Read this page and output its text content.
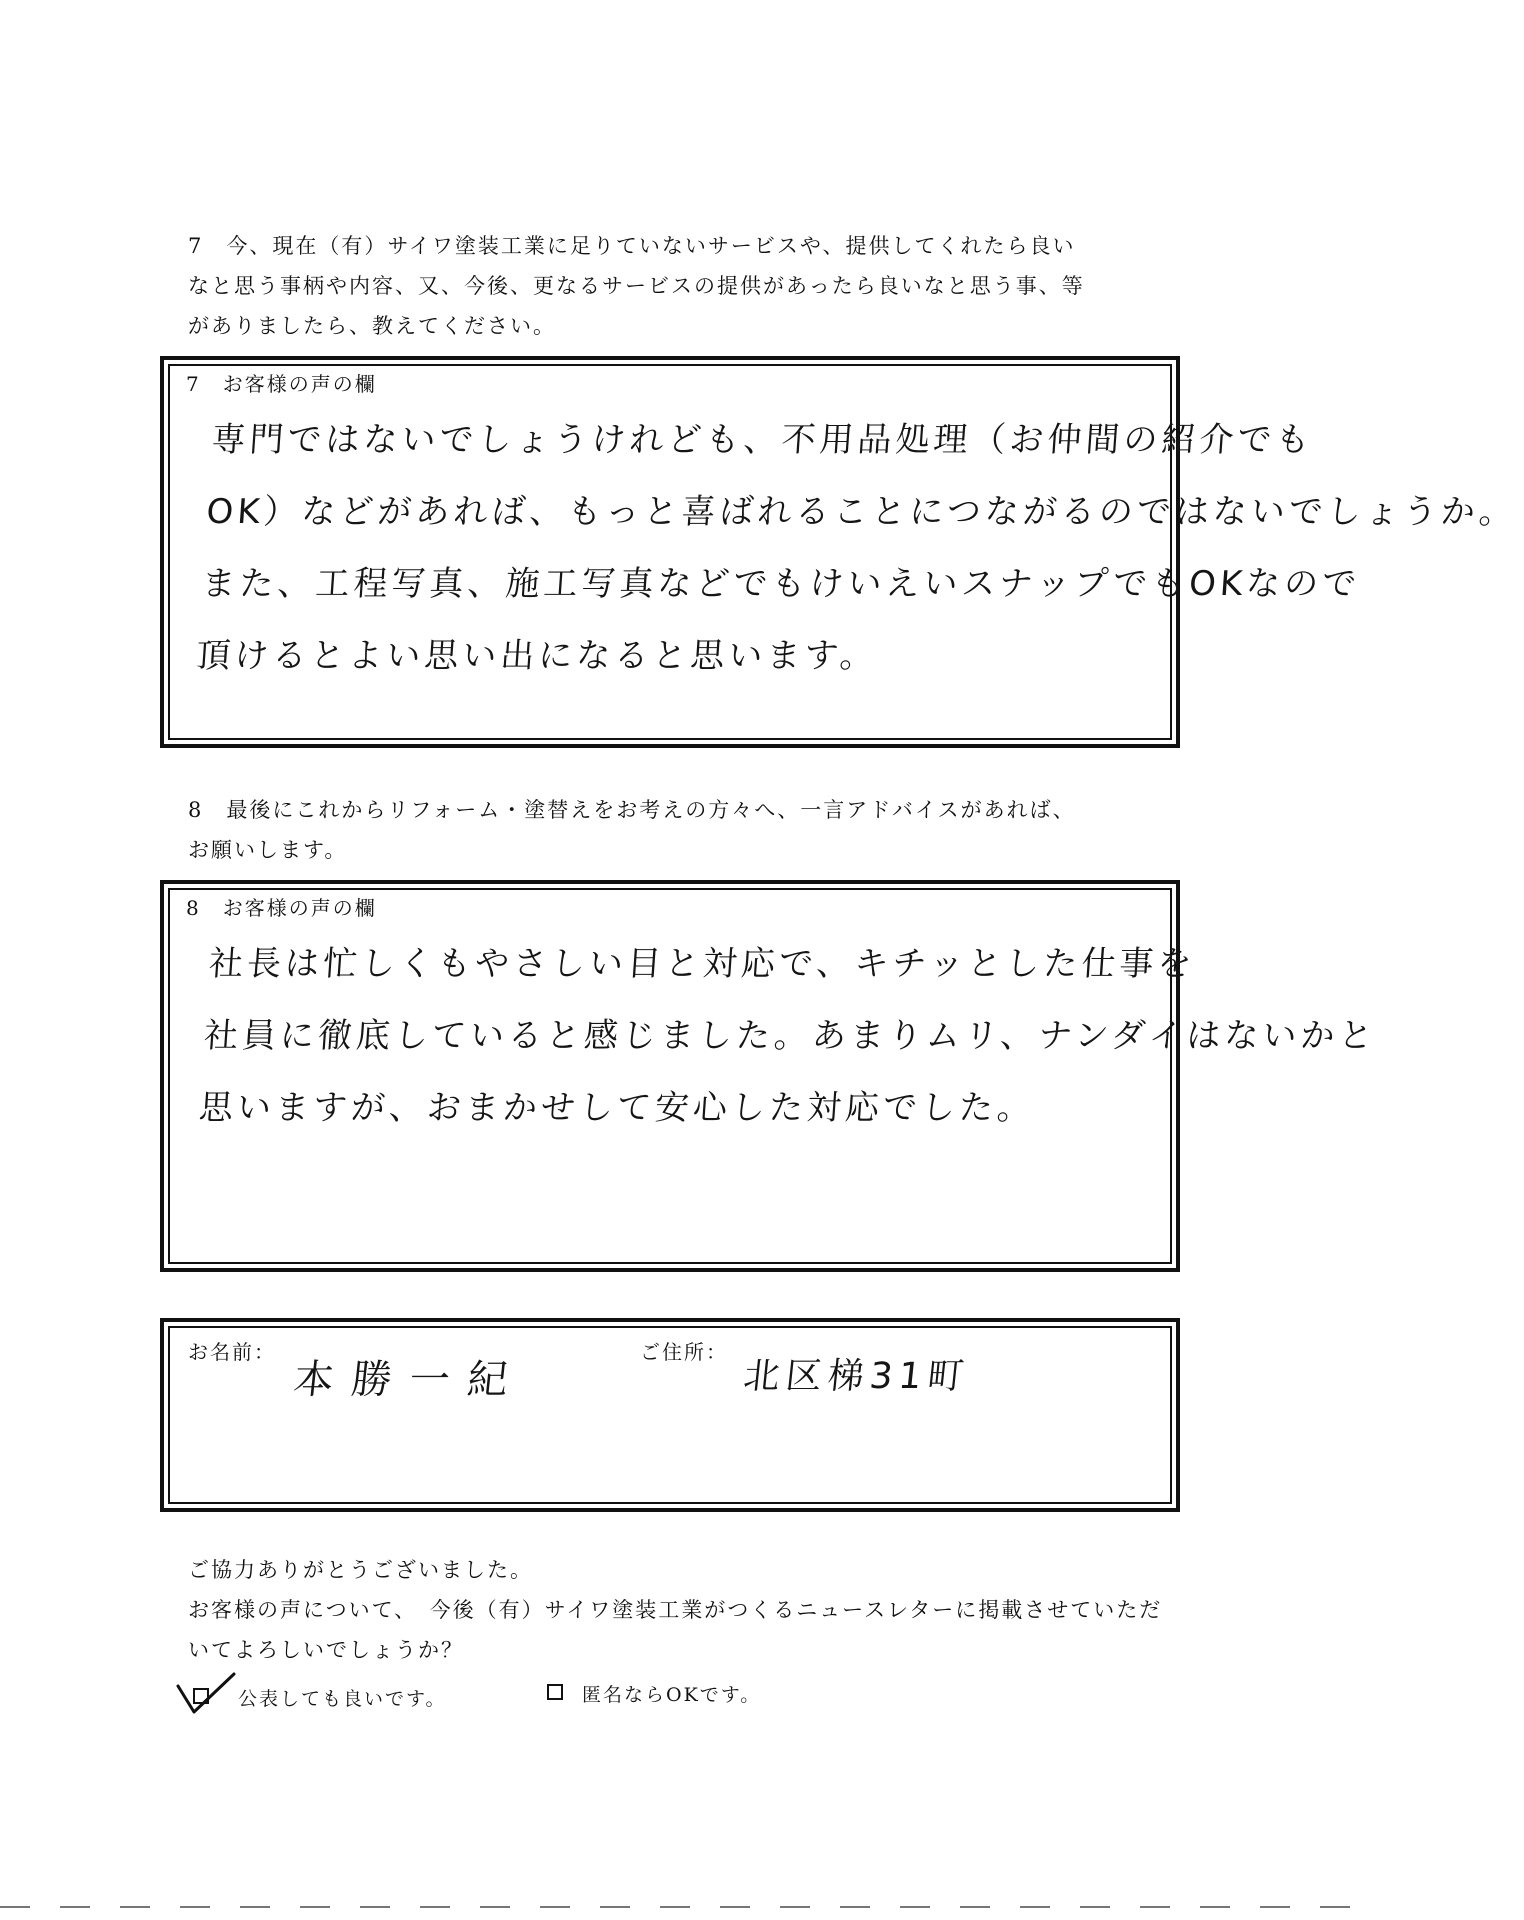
7　今、現在（有）サイワ塗装工業に足りていないサービスや、提供してくれたら良い
なと思う事柄や内容、又、今後、更なるサービスの提供があったら良いなと思う事、等
がありましたら、教えてください。
7　お客様の声の欄
専門ではないでしょうけれども、不用品処理（お仲間の紹介でも
OK）などがあれば、もっと喜ばれることにつながるのではないでしょうか。
また、工程写真、施工写真などでもけいえいスナップでもOKなので
頂けるとよい思い出になると思います。
8　最後にこれからリフォーム・塗替えをお考えの方々へ、一言アドバイスがあれば、
お願いします。
8　お客様の声の欄
社長は忙しくもやさしい目と対応で、キチッとした仕事を
社員に徹底していると感じました。あまりムリ、ナンダイはないかと
思いますが、おまかせして安心した対応でした。
お名前：
本勝一紀
ご住所：
北区梯31町
ご協力ありがとうございました。
お客様の声について、　今後（有）サイワ塗装工業がつくるニュースレターに掲載させていただ
いてよろしいでしょうか？
公表しても良いです。	匿名ならOKです。
